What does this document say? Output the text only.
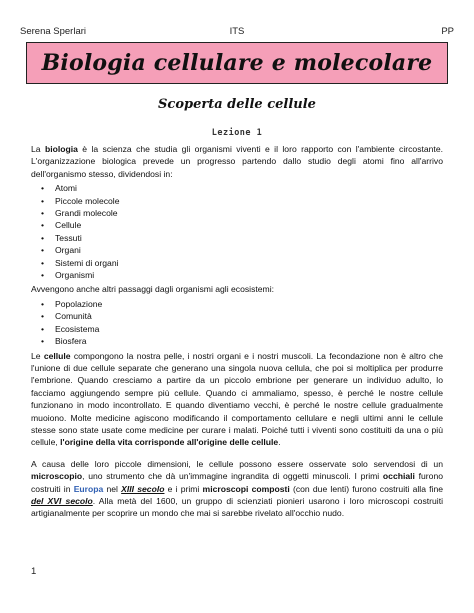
Serena Sperlari	ITS	PP
Biologia cellulare e molecolare
Scoperta delle cellule
Lezione 1

La biologia è la scienza che studia gli organismi viventi e il loro rapporto con l'ambiente circostante. L'organizzazione biologica prevede un progresso partendo dallo studio degli atomi fino all'arrivo dell'organismo stesso, dividendosi in:

• Atomi
• Piccole molecole
• Grandi molecole
• Cellule
• Tessuti
• Organi
• Sistemi di organi
• Organismi

Avvengono anche altri passaggi dagli organismi agli ecosistemi:

• Popolazione
• Comunità
• Ecosistema
• Biosfera

Le cellule compongono la nostra pelle, i nostri organi e i nostri muscoli. La fecondazione non è altro che l'unione di due cellule separate che generano una singola nuova cellula, che poi si moltiplica per produrre l'embrione. Quando cresciamo a partire da un piccolo embrione per generare un individuo adulto, lo facciamo aggiungendo sempre più cellule. Quando ci ammaliamo, spesso, è perché le nostre cellule funzionano in modo incontrollato. E quando diventiamo vecchi, è perché le nostre cellule gradualmente muoiono. Molte medicine agiscono modificando il comportamento cellulare e negli ultimi anni le cellule stesse sono state usate come medicine per curare i malati. Poiché tutti i viventi sono costituiti da una o più cellule, l'origine della vita corrisponde all'origine delle cellule.

A causa delle loro piccole dimensioni, le cellule possono essere osservate solo servendosi di un microscopio, uno strumento che dà un'immagine ingrandita di oggetti minuscoli. I primi occhiali furono costruiti in Europa nel XIII secolo e i primi microscopi composti (con due lenti) furono costruiti alla fine del XVI secolo. Alla metà del 1600, un gruppo di scienziati pionieri usarono i loro microscopi costruiti artigianalmente per scoprire un mondo che mai si sarebbe rivelato all'occhio nudo.

1
